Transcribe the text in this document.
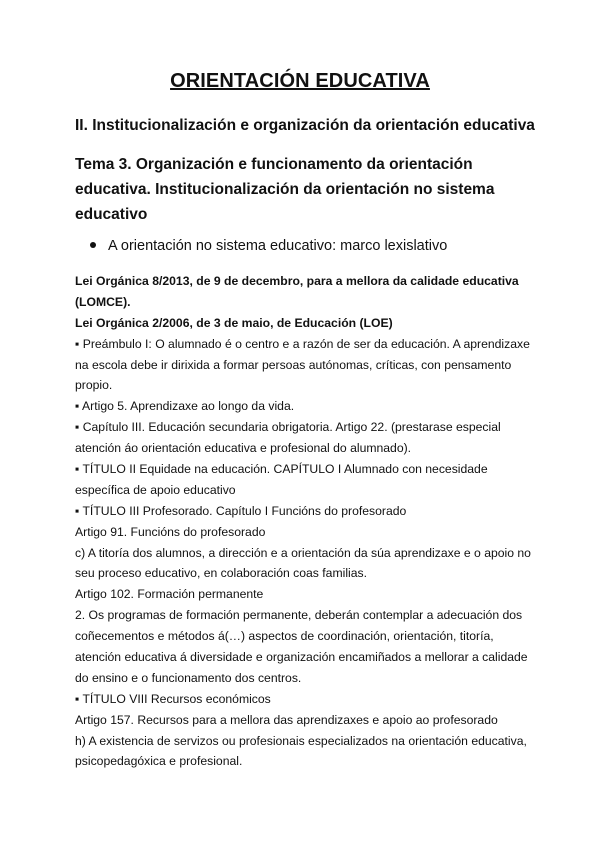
ORIENTACIÓN EDUCATIVA
II. Institucionalización e organización da orientación educativa
Tema 3. Organización e funcionamento da orientación
educativa. Institucionalización da orientación no sistema
educativo
A orientación no sistema educativo: marco lexislativo
Lei Orgánica 8/2013, de 9 de decembro, para a mellora da calidade educativa
(LOMCE).
Lei Orgánica 2/2006, de 3 de maio, de Educación (LOE)
▪ Preámbulo I: O alumnado é o centro e a razón de ser da educación. A aprendizaxe
na escola debe ir dirixida a formar persoas autónomas, críticas, con pensamento
propio.
▪ Artigo 5. Aprendizaxe ao longo da vida.
▪ Capítulo III. Educación secundaria obrigatoria. Artigo 22. (prestarase especial
atención áo orientación educativa e profesional do alumnado).
▪ TÍTULO II Equidade na educación. CAPÍTULO I Alumnado con necesidade
específica de apoio educativo
▪ TÍTULO III Profesorado. Capítulo I Funcións do profesorado
Artigo 91. Funcións do profesorado
c) A titoría dos alumnos, a dirección e a orientación da súa aprendizaxe e o apoio no
seu proceso educativo, en colaboración coas familias.
Artigo 102. Formación permanente
2. Os programas de formación permanente, deberán contemplar a adecuación dos
coñecementos e métodos á(…) aspectos de coordinación, orientación, titoría,
atención educativa á diversidade e organización encamiñados a mellorar a calidade
do ensino e o funcionamento dos centros.
▪ TÍTULO VIII Recursos económicos
Artigo 157. Recursos para a mellora das aprendizaxes e apoio ao profesorado
h) A existencia de servizos ou profesionais especializados na orientación educativa,
psicopedagóxica e profesional.
